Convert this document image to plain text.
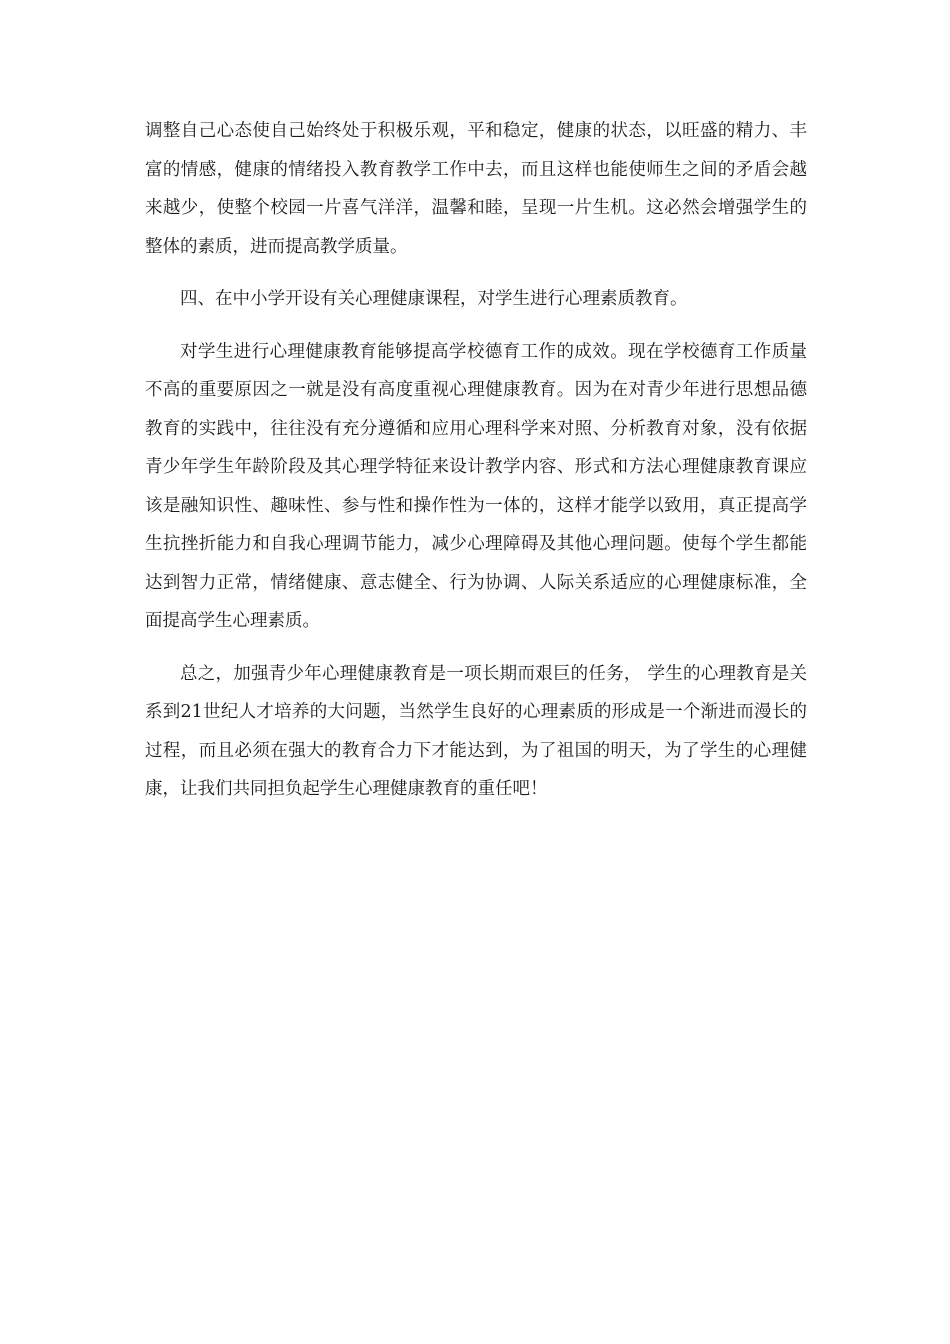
调整自己心态使自己始终处于积极乐观，平和稳定，健康的状态，以旺盛的精力、丰富的情感，健康的情绪投入教育教学工作中去，而且这样也能使师生之间的矛盾会越来越少，使整个校园一片喜气洋洋，温馨和睦，呈现一片生机。这必然会增强学生的整体的素质，进而提高教学质量。

四、在中小学开设有关心理健康课程，对学生进行心理素质教育。

对学生进行心理健康教育能够提高学校德育工作的成效。现在学校德育工作质量不高的重要原因之一就是没有高度重视心理健康教育。因为在对青少年进行思想品德教育的实践中，往往没有充分遵循和应用心理科学来对照、分析教育对象，没有依据青少年学生年龄阶段及其心理学特征来设计教学内容、形式和方法心理健康教育课应该是融知识性、趣味性、参与性和操作性为一体的，这样才能学以致用，真正提高学生抗挫折能力和自我心理调节能力，减少心理障碍及其他心理问题。使每个学生都能达到智力正常，情绪健康、意志健全、行为协调、人际关系适应的心理健康标准，全面提高学生心理素质。

总之，加强青少年心理健康教育是一项长期而艰巨的任务， 学生的心理教育是关系到21世纪人才培养的大问题，当然学生良好的心理素质的形成是一个渐进而漫长的过程，而且必须在强大的教育合力下才能达到，为了祖国的明天，为了学生的心理健康，让我们共同担负起学生心理健康教育的重任吧！
